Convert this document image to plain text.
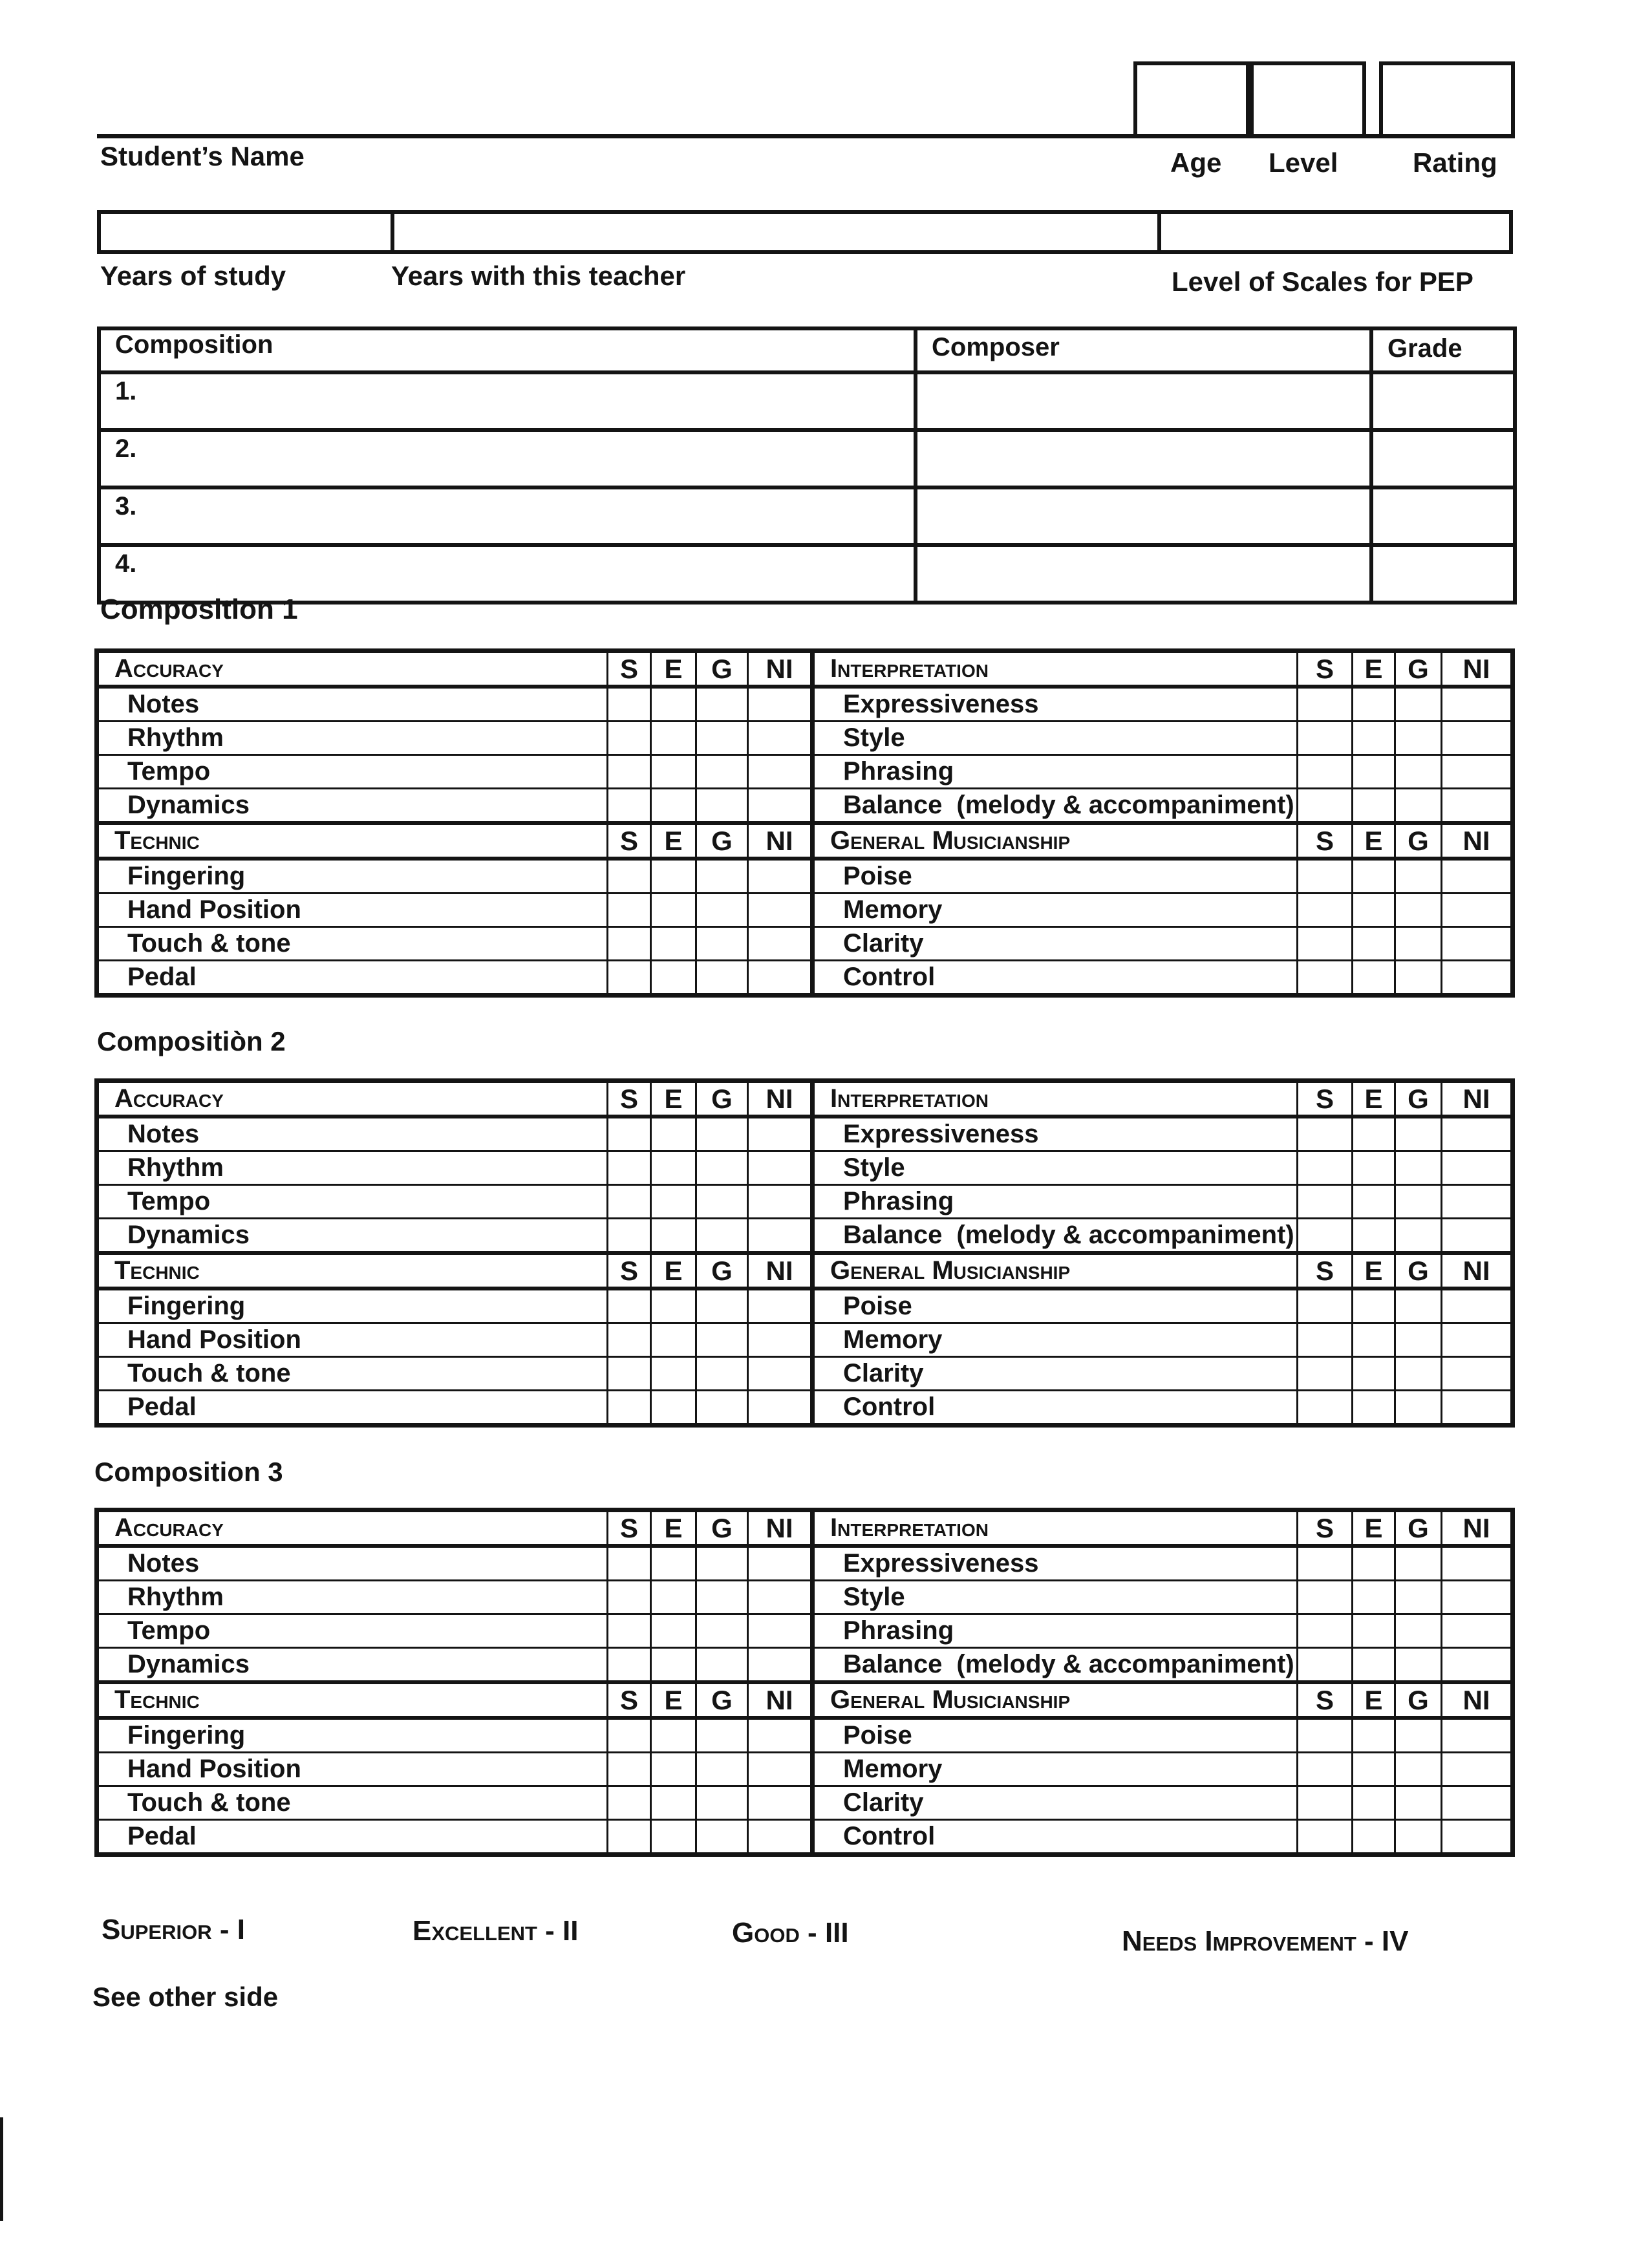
Student’s Name	Age Level	Rating
Years of study	Years with this teacher	Level of Scales for PEP
Composition	Composer	Grade
1.		
2.		
3.		
4.		
Composition 1
Compositiòn 2
Composition 3
Accuracy	S	E	G	NI	Interpretation	S	E	G	NI
Notes					Expressiveness				
Rhythm					Style				
Tempo					Phrasing				
Dynamics					Balance (melody & accompaniment)				
Technic	S	E	G	NI	General Musicianship	S	E	G	NI
Fingering					Poise				
Hand Position					Memory				
Touch & tone					Clarity				
Pedal					Control				
Accuracy	S	E	G	NI	Interpretation	S	E	G	NI
Notes					Expressiveness				
Rhythm					Style				
Tempo					Phrasing				
Dynamics					Balance (melody & accompaniment)				
Technic	S	E	G	NI	General Musicianship	S	E	G	NI
Fingering					Poise				
Hand Position					Memory				
Touch & tone					Clarity				
Pedal					Control				
Accuracy	S	E	G	NI	Interpretation	S	E	G	NI
Notes					Expressiveness				
Rhythm					Style				
Tempo					Phrasing				
Dynamics					Balance (melody & accompaniment)				
Technic	S	E	G	NI	General Musicianship	S	E	G	NI
Fingering					Poise				
Hand Position					Memory				
Touch & tone					Clarity				
Pedal					Control				
Superior - I	Excellent - II	Good - III	Needs Improvement - IV
See other side
